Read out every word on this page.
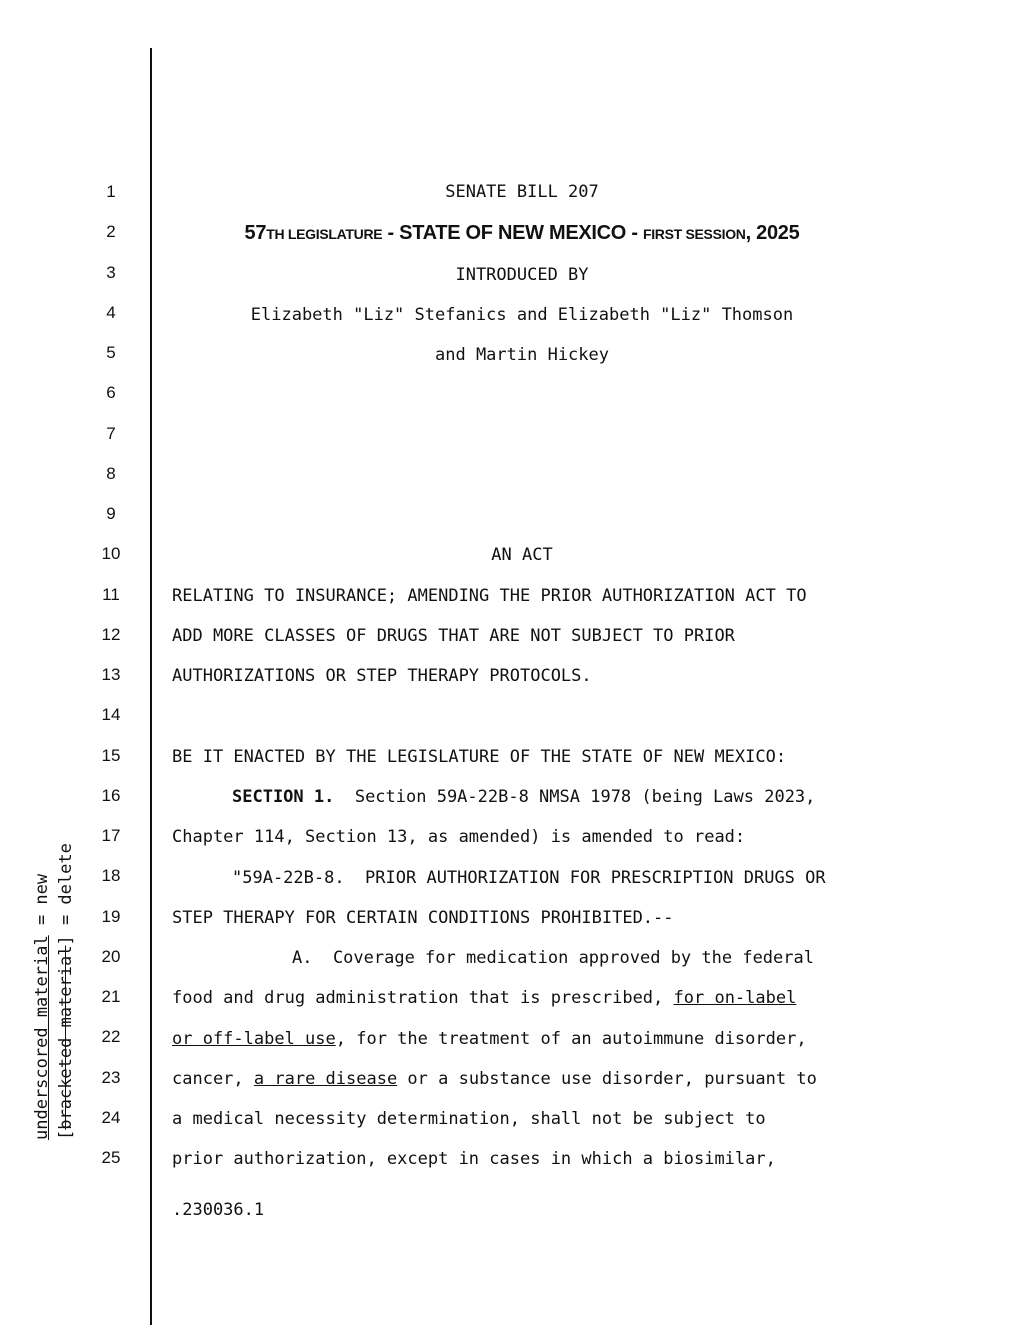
underscored material = new
[bracketed material] = delete
1
2
3
4
5
6
7
8
9
10
11
12
13
14
15
16
17
18
19
20
21
22
23
24
25
SENATE BILL 207
57TH LEGISLATURE - STATE OF NEW MEXICO - FIRST SESSION, 2025
INTRODUCED BY
Elizabeth "Liz" Stefanics and Elizabeth "Liz" Thomson
and Martin Hickey
AN ACT
RELATING TO INSURANCE; AMENDING THE PRIOR AUTHORIZATION ACT TO
ADD MORE CLASSES OF DRUGS THAT ARE NOT SUBJECT TO PRIOR
AUTHORIZATIONS OR STEP THERAPY PROTOCOLS.
BE IT ENACTED BY THE LEGISLATURE OF THE STATE OF NEW MEXICO:
SECTION 1.  Section 59A-22B-8 NMSA 1978 (being Laws 2023,
Chapter 114, Section 13, as amended) is amended to read:
"59A-22B-8.  PRIOR AUTHORIZATION FOR PRESCRIPTION DRUGS OR
STEP THERAPY FOR CERTAIN CONDITIONS PROHIBITED.--
A.  Coverage for medication approved by the federal
food and drug administration that is prescribed, for on-label
or off-label use, for the treatment of an autoimmune disorder,
cancer, a rare disease or a substance use disorder, pursuant to
a medical necessity determination, shall not be subject to
prior authorization, except in cases in which a biosimilar,
.230036.1
